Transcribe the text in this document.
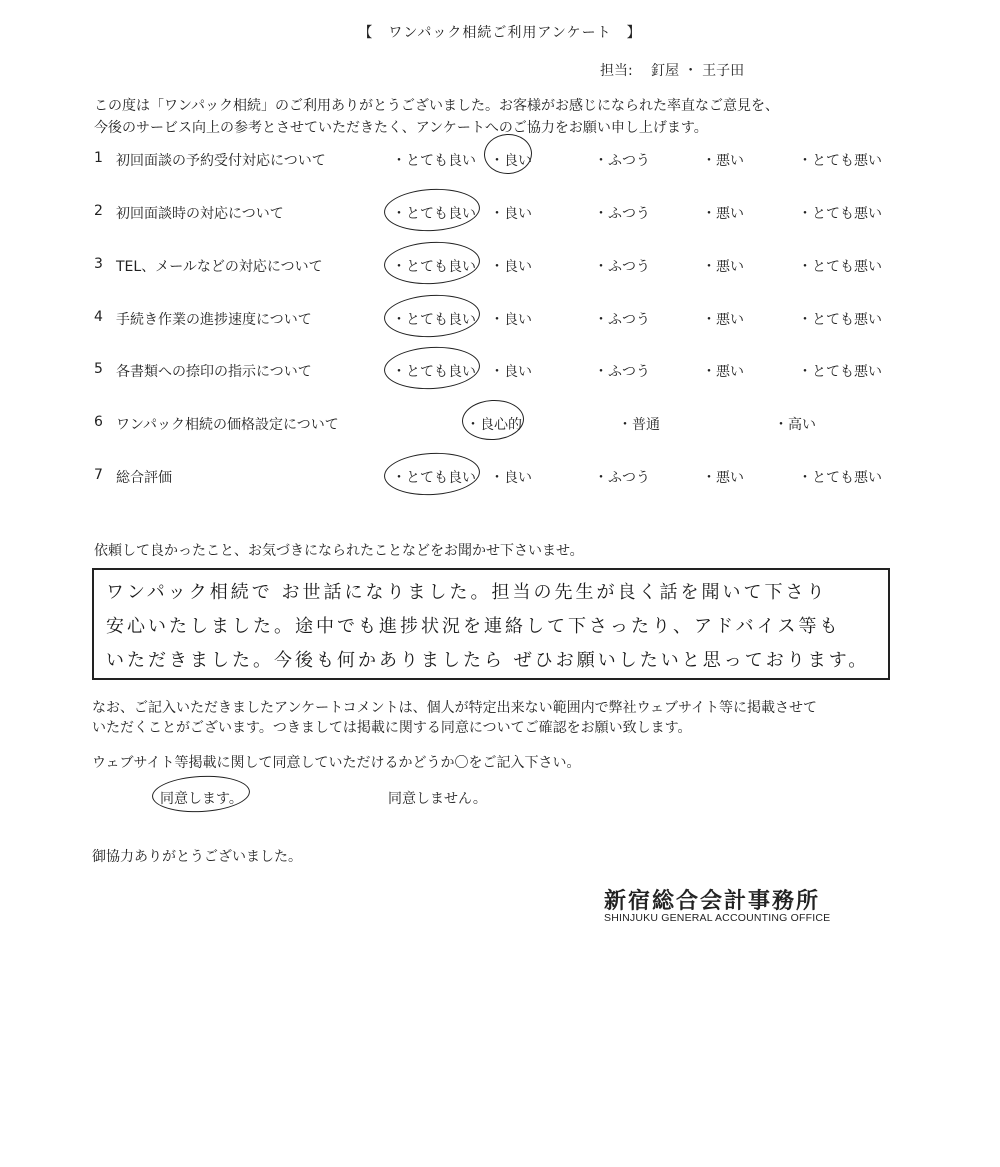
【　ワンパック相続ご利用アンケート　】
担当:　 釘屋 ・ 王子田
この度は「ワンパック相続」のご利用ありがとうございました。お客様がお感じになられた率直なご意見を、
今後のサービス向上の参考とさせていただきたく、アンケートへのご協力をお願い申し上げます。
1 初回面談の予約受付対応について	・とても良い ・良い	・ふつう	・悪い	・とても悪い
2 初回面談時の対応について	・とても良い ・良い	・ふつう	・悪い	・とても悪い
3 TEL、メールなどの対応について	・とても良い ・良い	・ふつう	・悪い	・とても悪い
4 手続き作業の進捗速度について	・とても良い ・良い	・ふつう	・悪い	・とても悪い
5 各書類への捺印の指示について	・とても良い ・良い	・ふつう	・悪い	・とても悪い
6 ワンパック相続の価格設定について	・良心的	・普通	・高い
7 総合評価	・とても良い ・良い	・ふつう	・悪い	・とても悪い
依頼して良かったこと、お気づきになられたことなどをお聞かせ下さいませ。
ワンパック相続で お世話になりました。担当の先生が良く話を聞いて下さり
安心いたしました。途中でも進捗状況を連絡して下さったり、アドバイス等も
いただきました。今後も何かありましたら ぜひお願いしたいと思っております。
なお、ご記入いただきましたアンケートコメントは、個人が特定出来ない範囲内で弊社ウェブサイト等に掲載させて
いただくことがございます。つきましては掲載に関する同意についてご確認をお願い致します。
ウェブサイト等掲載に関して同意していただけるかどうか〇をご記入下さい。
同意します。	同意しません。
御協力ありがとうございました。
新宿総合会計事務所
SHINJUKU GENERAL ACCOUNTING OFFICE
